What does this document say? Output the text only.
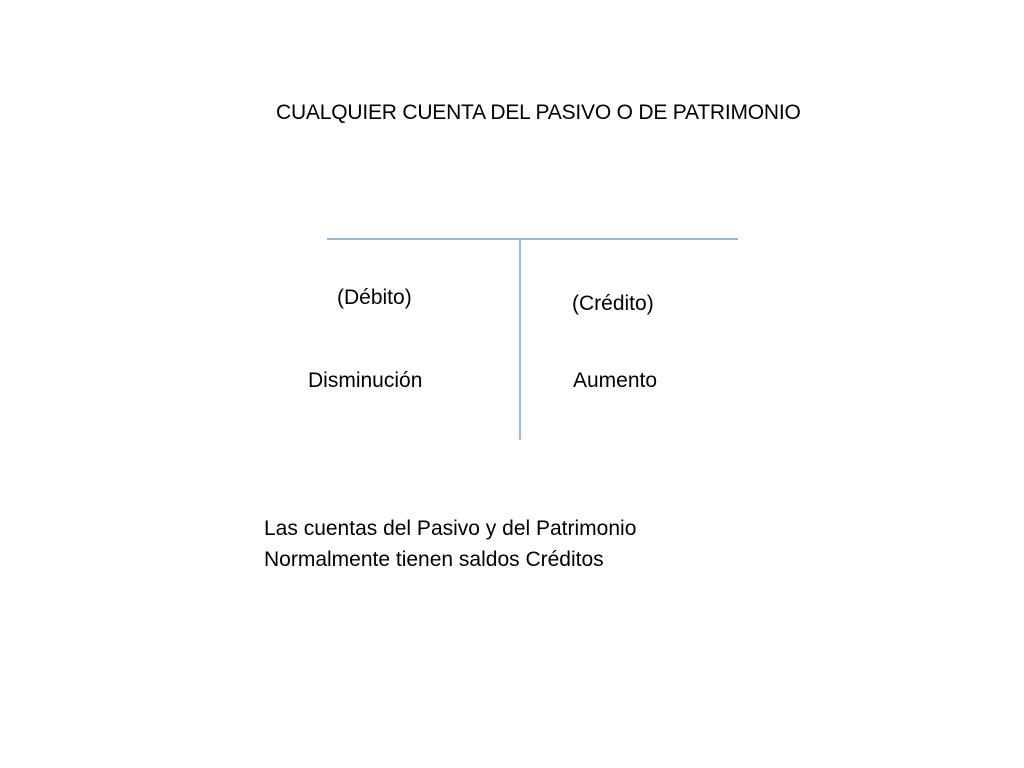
CUALQUIER CUENTA DEL PASIVO O DE PATRIMONIO
(Débito)	(Crédito)
Disminución	Aumento
Las cuentas del Pasivo y del Patrimonio
Normalmente tienen saldos Créditos
